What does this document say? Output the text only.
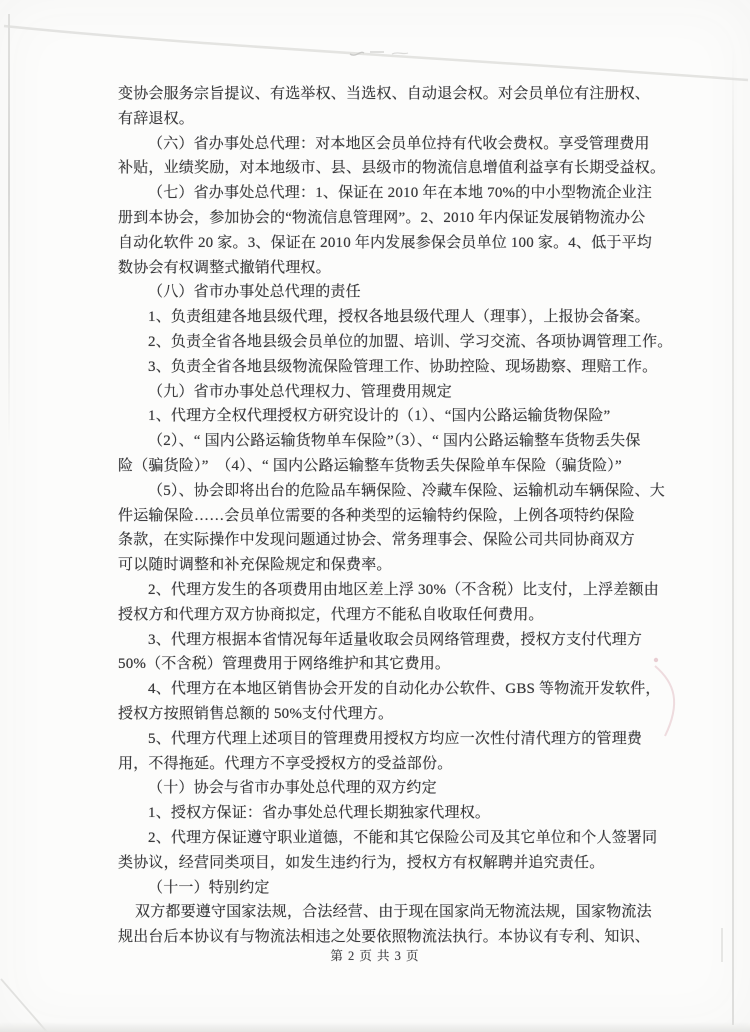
变协会服务宗旨提议、有选举权、当选权、自动退会权。对会员单位有注册权、
有辞退权。
（六）省办事处总代理：对本地区会员单位持有代收会费权。享受管理费用
补贴，业绩奖励，对本地级市、县、县级市的物流信息增值利益享有长期受益权。
（七）省办事处总代理：1、保证在 2010 年在本地 70%的中小型物流企业注
册到本协会，参加协会的“物流信息管理网”。2、2010 年内保证发展销物流办公
自动化软件 20 家。3、保证在 2010 年内发展参保会员单位 100 家。4、低于平均
数协会有权调整式撤销代理权。
（八）省市办事处总代理的责任
1、负责组建各地县级代理，授权各地县级代理人（理事），上报协会备案。
2、负责全省各地县级会员单位的加盟、培训、学习交流、各项协调管理工作。
3、负责全省各地县级物流保险管理工作、协助控险、现场勘察、理赔工作。
（九）省市办事处总代理权力、管理费用规定
1、代理方全权代理授权方研究设计的（1）、“国内公路运输货物保险”
（2）、“ 国内公路运输货物单车保险”（3）、“ 国内公路运输整车货物丢失保
险（骗货险）”　（4）、“ 国内公路运输整车货物丢失保险单车保险（骗货险）”
（5）、协会即将出台的危险品车辆保险、冷藏车保险、运输机动车辆保险、大
件运输保险……会员单位需要的各种类型的运输特约保险，上例各项特约保险
条款，在实际操作中发现问题通过协会、常务理事会、保险公司共同协商双方
可以随时调整和补充保险规定和保费率。
2、代理方发生的各项费用由地区差上浮 30%（不含税）比支付，上浮差额由
授权方和代理方双方协商拟定，代理方不能私自收取任何费用。
3、代理方根据本省情况每年适量收取会员网络管理费，授权方支付代理方
50%（不含税）管理费用于网络维护和其它费用。
4、代理方在本地区销售协会开发的自动化办公软件、GBS 等物流开发软件，
授权方按照销售总额的 50%支付代理方。
5、代理方代理上述项目的管理费用授权方均应一次性付清代理方的管理费
用，不得拖延。代理方不享受授权方的受益部份。
（十）协会与省市办事处总代理的双方约定
1、授权方保证：省办事处总代理长期独家代理权。
2、代理方保证遵守职业道德，不能和其它保险公司及其它单位和个人签署同
类协议，经营同类项目，如发生违约行为，授权方有权解聘并追究责任。
（十一）特别约定
双方都要遵守国家法规，合法经营、由于现在国家尚无物流法规，国家物流法
规出台后本协议有与物流法相违之处要依照物流法执行。本协议有专利、知识、
第 2 页 共 3 页
